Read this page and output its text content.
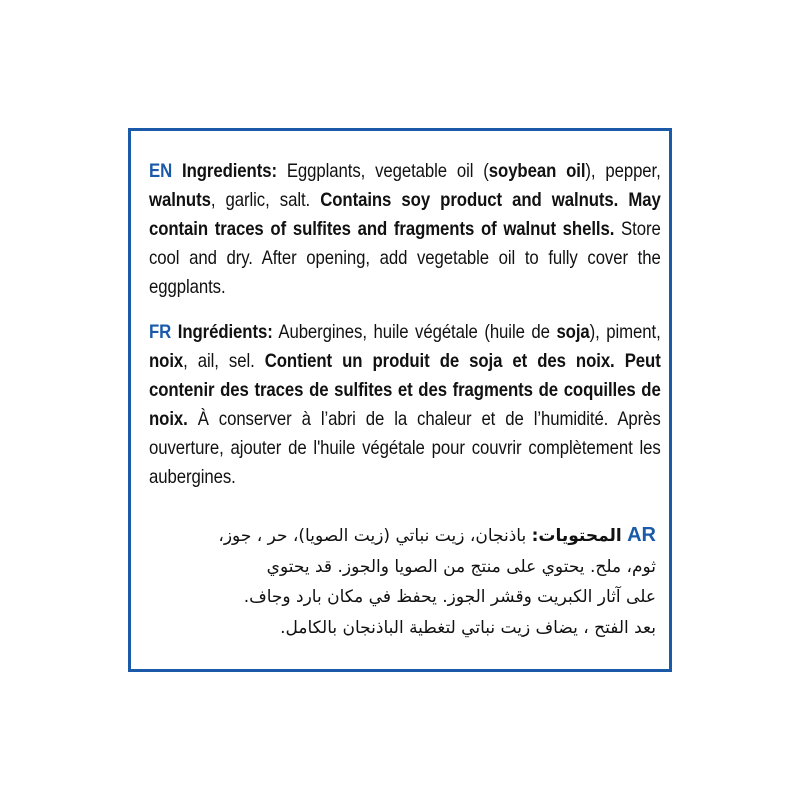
EN Ingredients: Eggplants, vegetable oil (soybean oil), pepper, walnuts, garlic, salt. Contains soy product and walnuts. May contain traces of sulfites and fragments of walnut shells. Store cool and dry. After opening, add vegetable oil to fully cover the eggplants.
FR Ingrédients: Aubergines, huile végétale (huile de soja), piment, noix, ail, sel. Contient un produit de soja et des noix. Peut contenir des traces de sulfites et des fragments de coquilles de noix. À conserver à l’abri de la chaleur et de l’humidité. Après ouverture, ajouter de l'huile végétale pour couvrir complètement les aubergines.
AR المحتويات: باذنجان، زيت نباتي (زيت الصويا)، حر ، جوز،
ثوم، ملح. يحتوي على منتج من الصويا والجوز. قد يحتوي
على آثار الكبريت وقشر الجوز. يحفظ في مكان بارد وجاف.
بعد الفتح ، يضاف زيت نباتي لتغطية الباذنجان بالكامل.
